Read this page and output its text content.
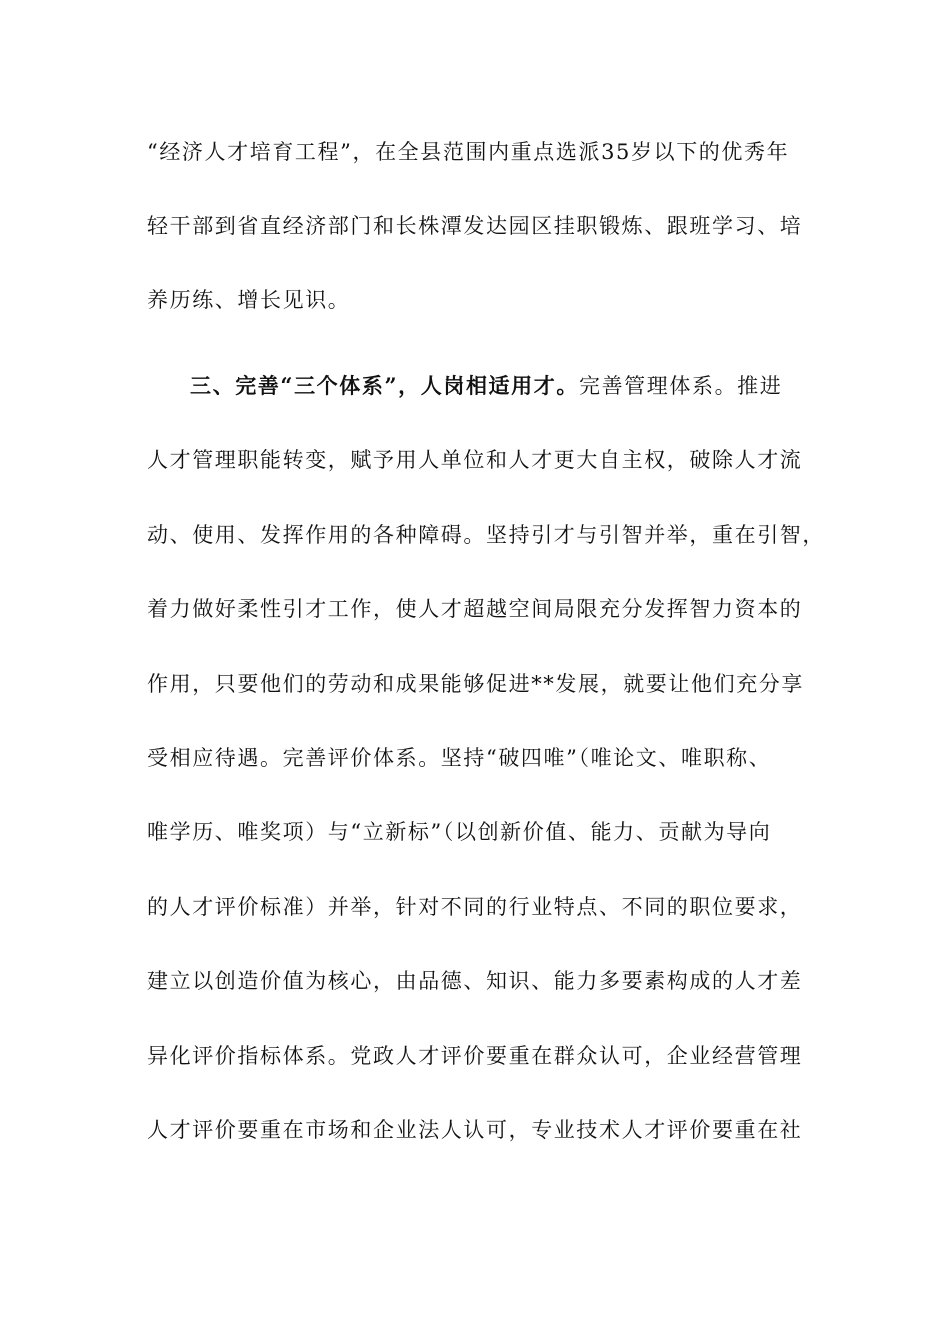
“经济人才培育工程”，在全县范围内重点选派35岁以下的优秀年
轻干部到省直经济部门和长株潭发达园区挂职锻炼、跟班学习、培
养历练、增长见识。
三、完善“三个体系”，人岗相适用才。完善管理体系。推进
人才管理职能转变，赋予用人单位和人才更大自主权，破除人才流
动、使用、发挥作用的各种障碍。坚持引才与引智并举，重在引智，
着力做好柔性引才工作，使人才超越空间局限充分发挥智力资本的
作用，只要他们的劳动和成果能够促进**发展，就要让他们充分享
受相应待遇。完善评价体系。坚持“破四唯”（唯论文、唯职称、
唯学历、唯奖项）与“立新标”（以创新价值、能力、贡献为导向
的人才评价标准）并举，针对不同的行业特点、不同的职位要求，
建立以创造价值为核心，由品德、知识、能力多要素构成的人才差
异化评价指标体系。党政人才评价要重在群众认可，企业经营管理
人才评价要重在市场和企业法人认可，专业技术人才评价要重在社
